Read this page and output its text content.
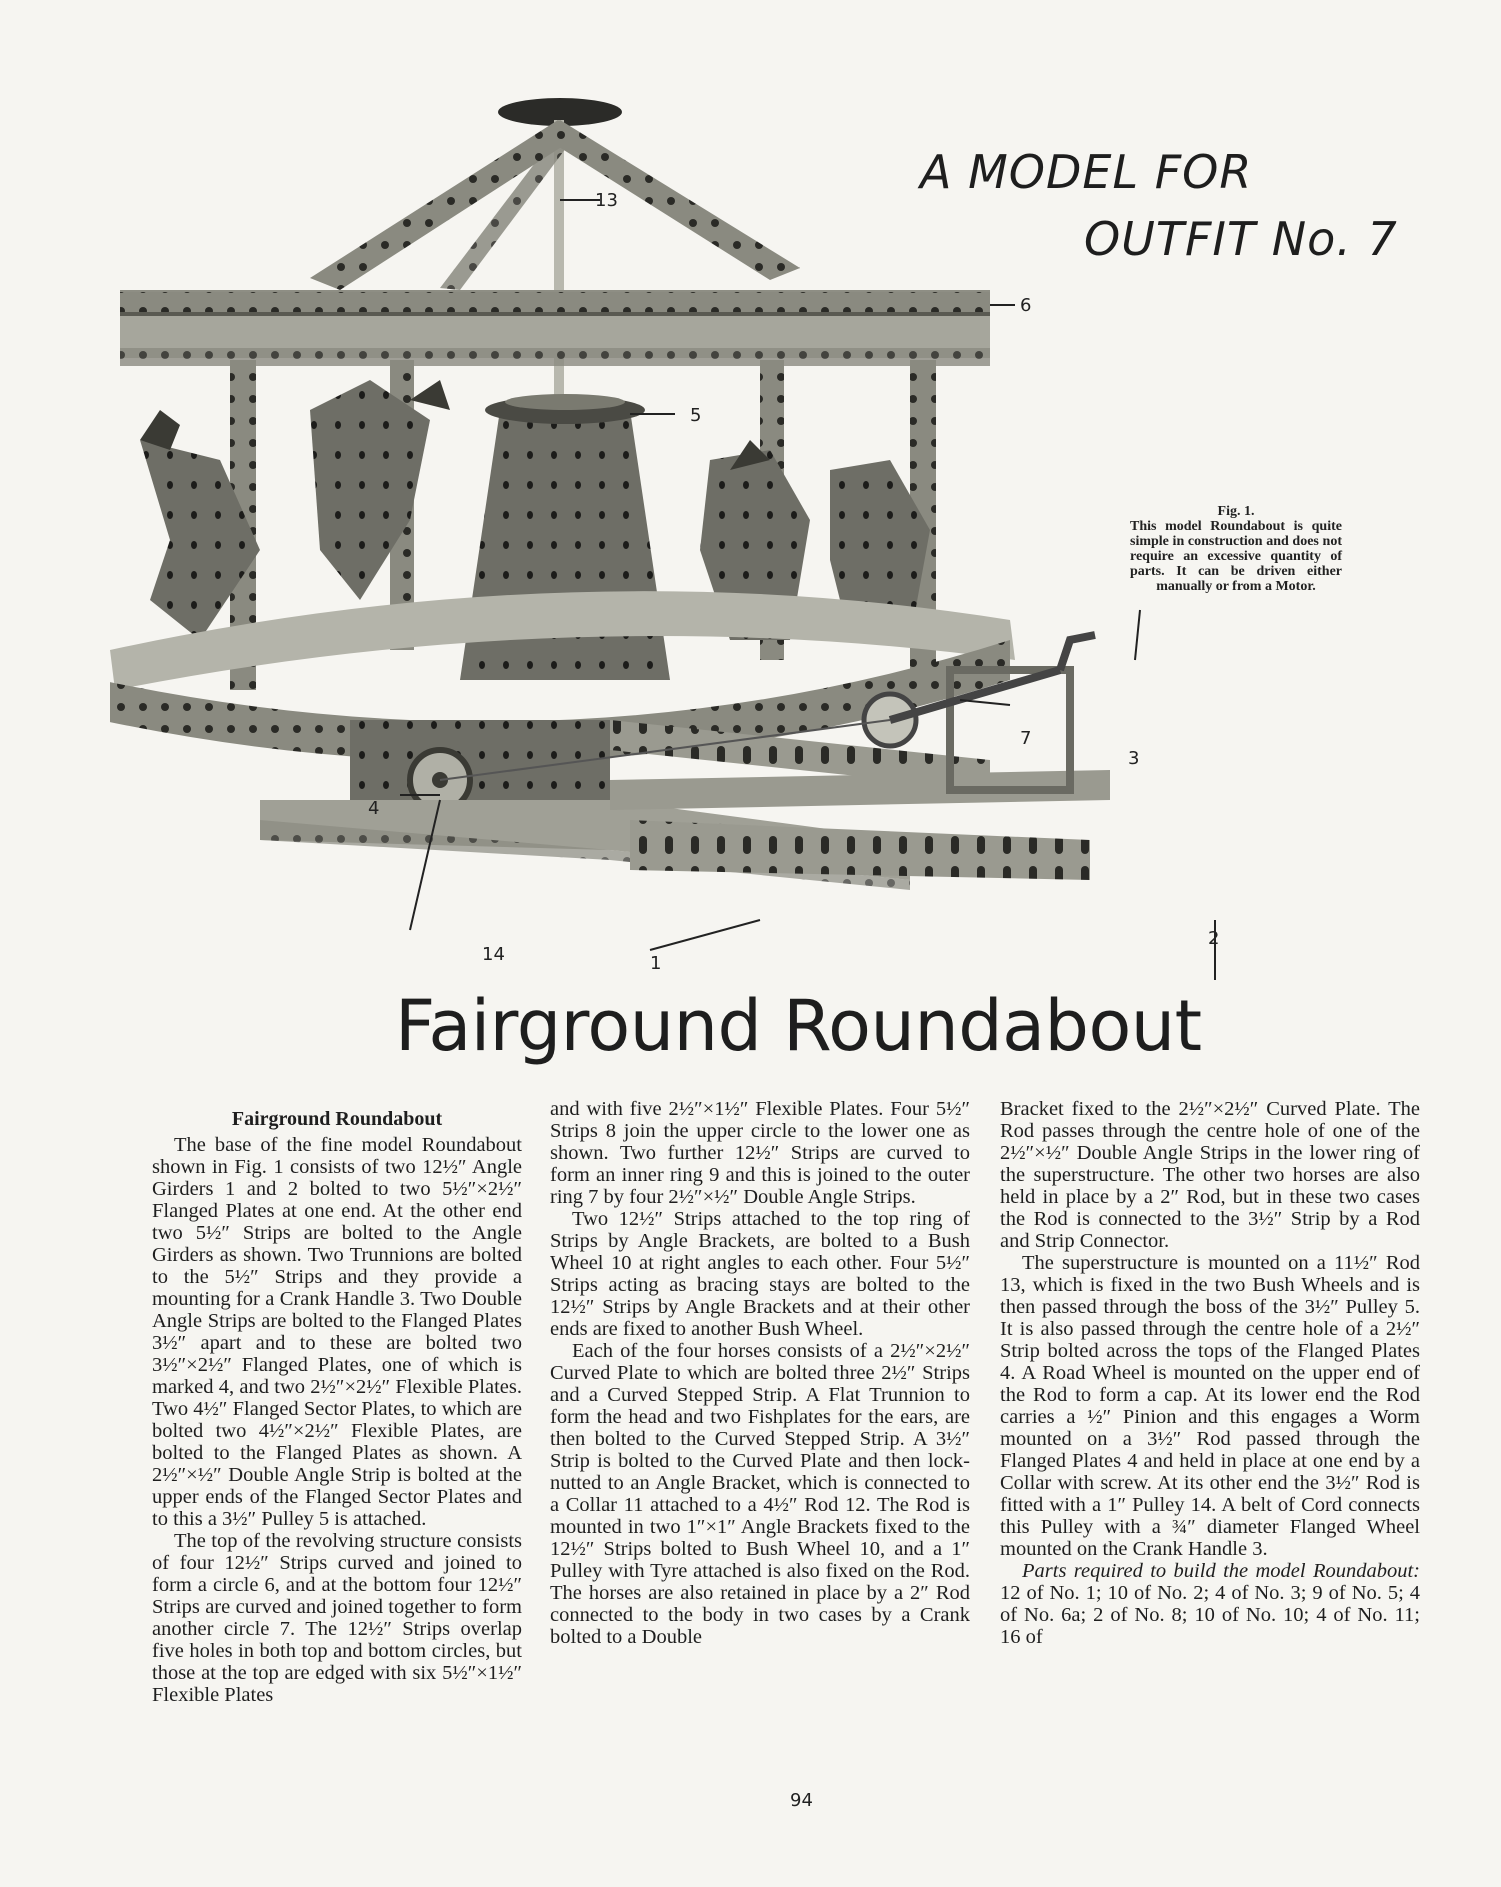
13
6
5
7
3
4
14	1
2
A MODEL FOR
OUTFIT No. 7
Fig. 1.
This model Roundabout is quite simple in construction and does not require an excessive quantity of parts. It can be driven either manually or from a Motor.
Fairground Roundabout
Fairground Roundabout

The base of the fine model Roundabout shown in Fig. 1 consists of two 12½″ Angle Girders 1 and 2 bolted to two 5½″×2½″ Flanged Plates at one end. At the other end two 5½″ Strips are bolted to the Angle Girders as shown. Two Trunnions are bolted to the 5½″ Strips and they provide a mounting for a Crank Handle 3. Two Double Angle Strips are bolted to the Flanged Plates 3½″ apart and to these are bolted two 3½″×2½″ Flanged Plates, one of which is marked 4, and two 2½″×2½″ Flexible Plates. Two 4½″ Flanged Sector Plates, to which are bolted two 4½″×2½″ Flexible Plates, are bolted to the Flanged Plates as shown. A 2½″×½″ Double Angle Strip is bolted at the upper ends of the Flanged Sector Plates and to this a 3½″ Pulley 5 is attached.

The top of the revolving structure consists of four 12½″ Strips curved and joined to form a circle 6, and at the bottom four 12½″ Strips are curved and joined together to form another circle 7. The 12½″ Strips overlap five holes in both top and bottom circles, but those at the top are edged with six 5½″×1½″ Flexible Plates

and with five 2½″×1½″ Flexible Plates. Four 5½″ Strips 8 join the upper circle to the lower one as shown. Two further 12½″ Strips are curved to form an inner ring 9 and this is joined to the outer ring 7 by four 2½″×½″ Double Angle Strips.

Two 12½″ Strips attached to the top ring of Strips by Angle Brackets, are bolted to a Bush Wheel 10 at right angles to each other. Four 5½″ Strips acting as bracing stays are bolted to the 12½″ Strips by Angle Brackets and at their other ends are fixed to another Bush Wheel.

Each of the four horses consists of a 2½″×2½″ Curved Plate to which are bolted three 2½″ Strips and a Curved Stepped Strip. A Flat Trunnion to form the head and two Fishplates for the ears, are then bolted to the Curved Stepped Strip. A 3½″ Strip is bolted to the Curved Plate and then lock-nutted to an Angle Bracket, which is connected to a Collar 11 attached to a 4½″ Rod 12. The Rod is mounted in two 1″×1″ Angle Brackets fixed to the 12½″ Strips bolted to Bush Wheel 10, and a 1″ Pulley with Tyre attached is also fixed on the Rod. The horses are also retained in place by a 2″ Rod connected to the body in two cases by a Crank bolted to a Double

Bracket fixed to the 2½″×2½″ Curved Plate. The Rod passes through the centre hole of one of the 2½″×½″ Double Angle Strips in the lower ring of the superstructure. The other two horses are also held in place by a 2″ Rod, but in these two cases the Rod is connected to the 3½″ Strip by a Rod and Strip Connector.

The superstructure is mounted on a 11½″ Rod 13, which is fixed in the two Bush Wheels and is then passed through the boss of the 3½″ Pulley 5. It is also passed through the centre hole of a 2½″ Strip bolted across the tops of the Flanged Plates 4. A Road Wheel is mounted on the upper end of the Rod to form a cap. At its lower end the Rod carries a ½″ Pinion and this engages a Worm mounted on a 3½″ Rod passed through the Flanged Plates 4 and held in place at one end by a Collar with screw. At its other end the 3½″ Rod is fitted with a 1″ Pulley 14. A belt of Cord connects this Pulley with a ¾″ diameter Flanged Wheel mounted on the Crank Handle 3.

Parts required to build the model Roundabout: 12 of No. 1; 10 of No. 2; 4 of No. 3; 9 of No. 5; 4 of No. 6a; 2 of No. 8; 10 of No. 10; 4 of No. 11; 16 of

94
